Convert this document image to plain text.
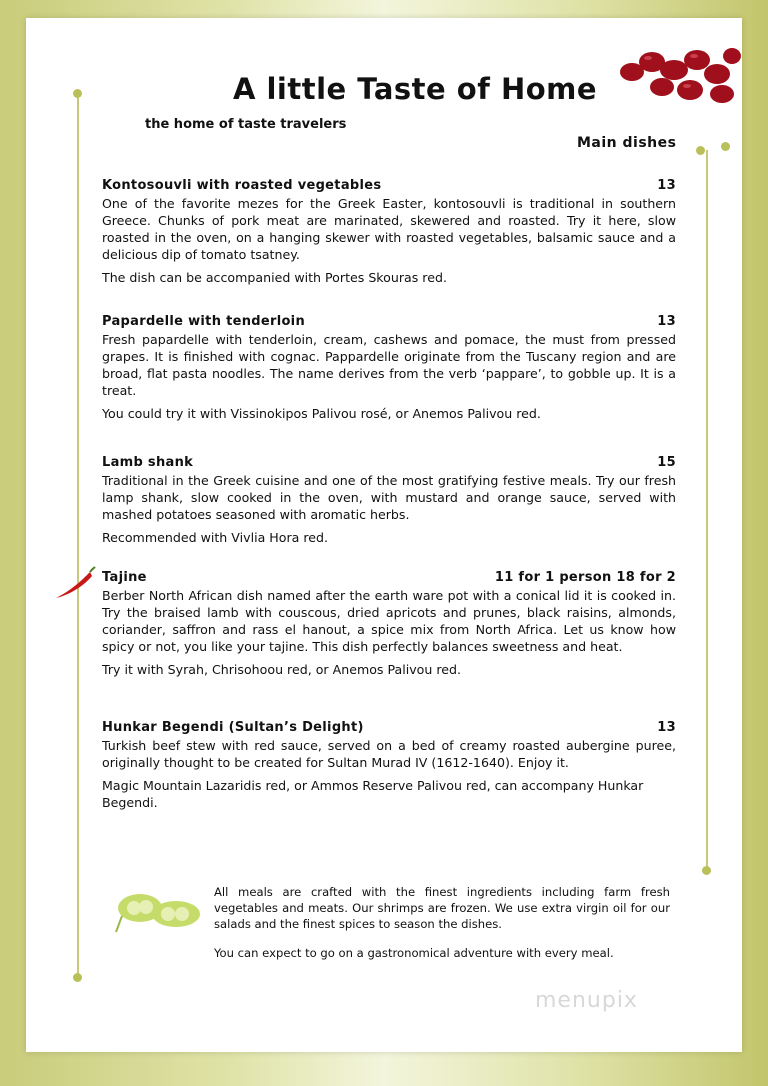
A little Taste of Home
the home of taste travelers
Main dishes
Kontosouvli with roasted vegetables	13

One of the favorite mezes for the Greek Easter, kontosouvli is traditional in southern Greece. Chunks of pork meat are marinated, skewered and roasted. Try it here, slow roasted in the oven, on a hanging skewer with roasted vegetables, balsamic sauce and a delicious dip of tomato tsatney.

The dish can be accompanied with Portes Skouras red.

Papardelle with tenderloin	13

Fresh papardelle with tenderloin, cream, cashews and pomace, the must from pressed grapes. It is finished with cognac. Pappardelle originate from the Tuscany region and are broad, flat pasta noodles. The name derives from the verb ‘pappare’, to gobble up. It is a treat.

You could try it with Vissinokipos Palivou rosé, or Anemos Palivou red.

Lamb shank	15

Traditional in the Greek cuisine and one of the most gratifying festive meals. Try our fresh lamp shank, slow cooked in the oven, with mustard and orange sauce, served with mashed potatoes seasoned with aromatic herbs.

Recommended with Vivlia Hora red.

Tajine	11 for 1 person 18 for 2

Berber North African dish named after the earth ware pot with a conical lid it is cooked in. Try the braised lamb with couscous, dried apricots and prunes, black raisins, almonds, coriander, saffron and rass el hanout, a spice mix from North Africa. Let us know how spicy or not, you like your tajine. This dish perfectly balances sweetness and heat.

Try it with Syrah, Chrisohoou red, or Anemos Palivou red.

Hunkar Begendi (Sultan’s Delight)	13

Turkish beef stew with red sauce, served on a bed of creamy roasted aubergine puree, originally thought to be created for Sultan Murad IV (1612-1640). Enjoy it.

Magic Mountain Lazaridis red, or Ammos Reserve Palivou red, can accompany Hunkar Begendi.

All meals are crafted with the finest ingredients including farm fresh vegetables and meats. Our shrimps are frozen. We use extra virgin oil for our salads and the finest spices to season the dishes.

You can expect to go on a gastronomical adventure with every meal.

menupix
